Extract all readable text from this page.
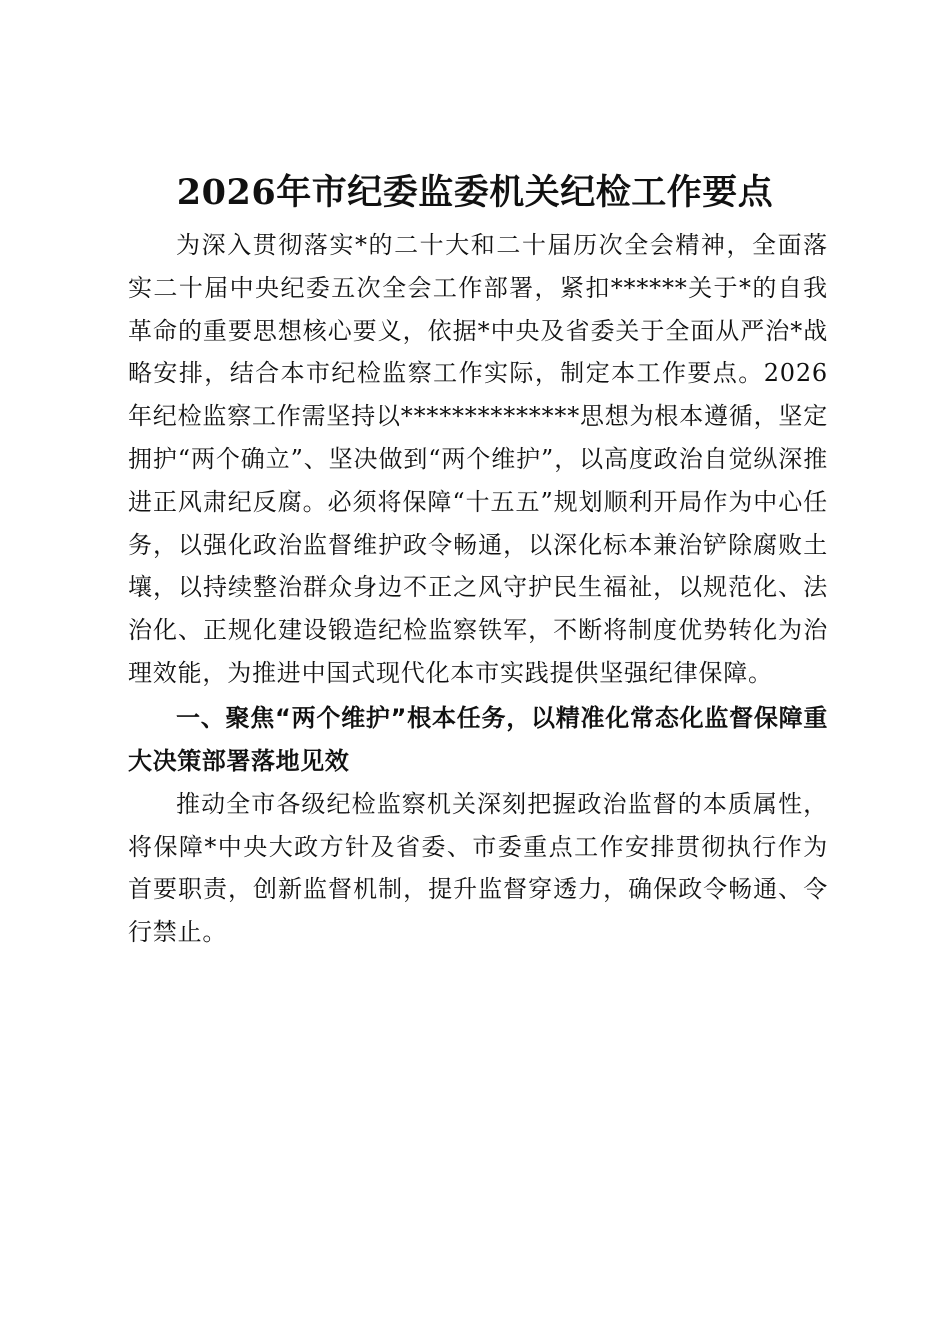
2026年市纪委监委机关纪检工作要点

为深入贯彻落实*的二十大和二十届历次全会精神，全面落实二十届中央纪委五次全会工作部署，紧扣******关于*的自我革命的重要思想核心要义，依据*中央及省委关于全面从严治*战略安排，结合本市纪检监察工作实际，制定本工作要点。2026年纪检监察工作需坚持以**************思想为根本遵循，坚定拥护“两个确立”、坚决做到“两个维护”，以高度政治自觉纵深推进正风肃纪反腐。必须将保障“十五五”规划顺利开局作为中心任务，以强化政治监督维护政令畅通，以深化标本兼治铲除腐败土壤，以持续整治群众身边不正之风守护民生福祉，以规范化、法治化、正规化建设锻造纪检监察铁军，不断将制度优势转化为治理效能，为推进中国式现代化本市实践提供坚强纪律保障。

一、聚焦“两个维护”根本任务，以精准化常态化监督保障重大决策部署落地见效

推动全市各级纪检监察机关深刻把握政治监督的本质属性，将保障*中央大政方针及省委、市委重点工作安排贯彻执行作为首要职责，创新监督机制，提升监督穿透力，确保政令畅通、令行禁止。
